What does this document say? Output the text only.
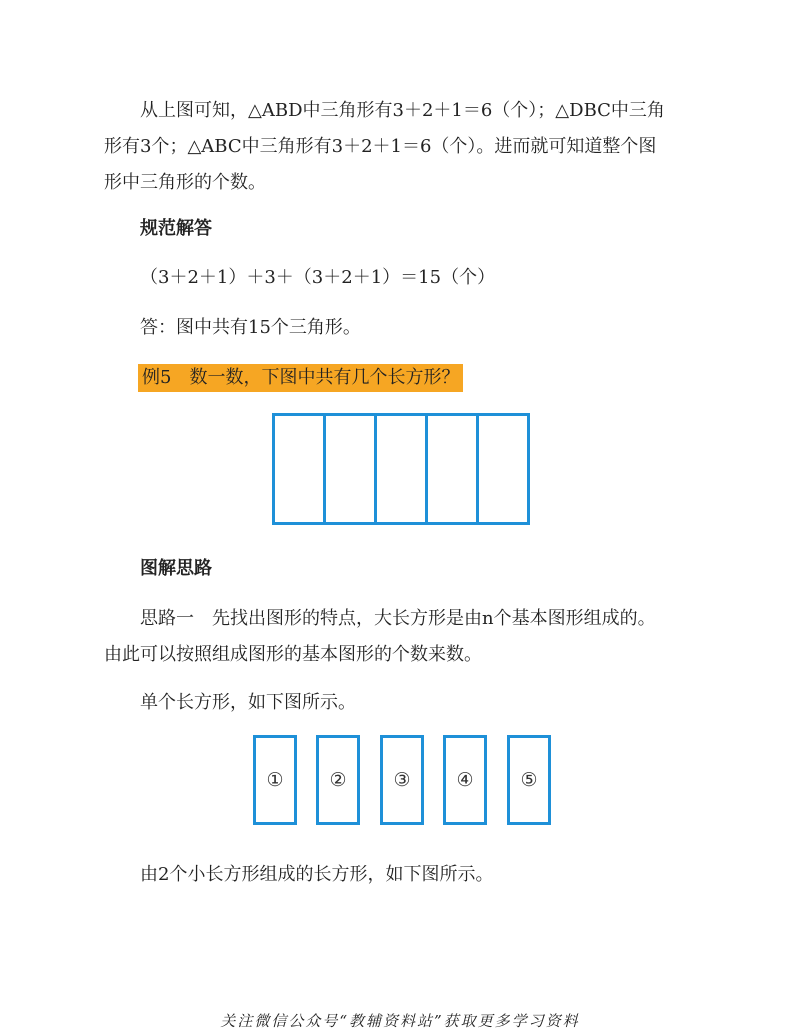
从上图可知，△ABD中三角形有3＋2＋1＝6（个）；△DBC中三角

形有3个；△ABC中三角形有3＋2＋1＝6（个）。进而就可知道整个图

形中三角形的个数。

规范解答

（3＋2＋1）＋3＋（3＋2＋1）＝15（个）

答：图中共有15个三角形。

例5　数一数，下图中共有几个长方形？

图解思路

思路一　先找出图形的特点，大长方形是由n个基本图形组成的。

由此可以按照组成图形的基本图形的个数来数。

单个长方形，如下图所示。

①	②	③	④	⑤

由2个小长方形组成的长方形，如下图所示。

关注微信公众号“教辅资料站”获取更多学习资料
